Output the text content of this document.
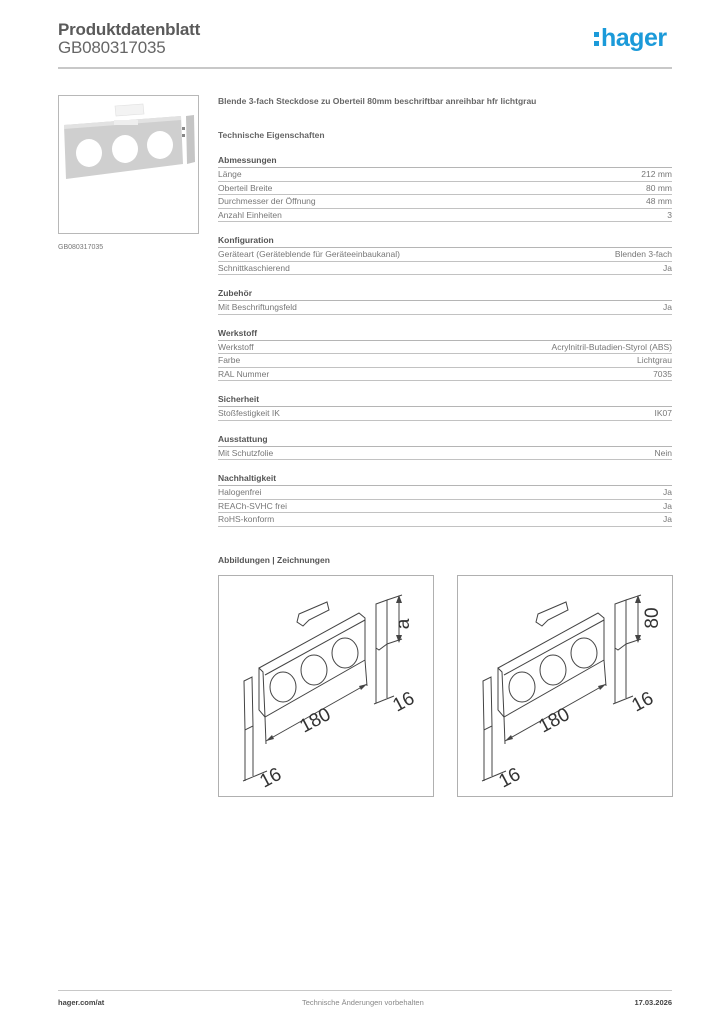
Produktdatenblatt
GB080317035	hager
GB080317035
Blende 3-fach Steckdose zu Oberteil 80mm beschriftbar anreihbar hfr lichtgrau
Technische Eigenschaften
Abmessungen
Länge	212 mm
Oberteil Breite	80 mm
Durchmesser der Öffnung	48 mm
Anzahl Einheiten	3
Konfiguration
Geräteart (Geräteblende für Geräteeinbaukanal)	Blenden 3-fach
Schnittkaschierend	Ja
Zubehör
Mit Beschriftungsfeld	Ja
Werkstoff
Werkstoff	Acrylnitril-Butadien-Styrol (ABS)
Farbe	Lichtgrau
RAL Nummer	7035
Sicherheit
Stoßfestigkeit IK	IK07
Ausstattung
Mit Schutzfolie	Nein
Nachhaltigkeit
Halogenfrei	Ja
REACh-SVHC frei	Ja
RoHS-konform	Ja
Abbildungen | Zeichnungen
a
16
180
16
80
16
180
16
hager.com/at	Technische Änderungen vorbehalten	17.03.2026
